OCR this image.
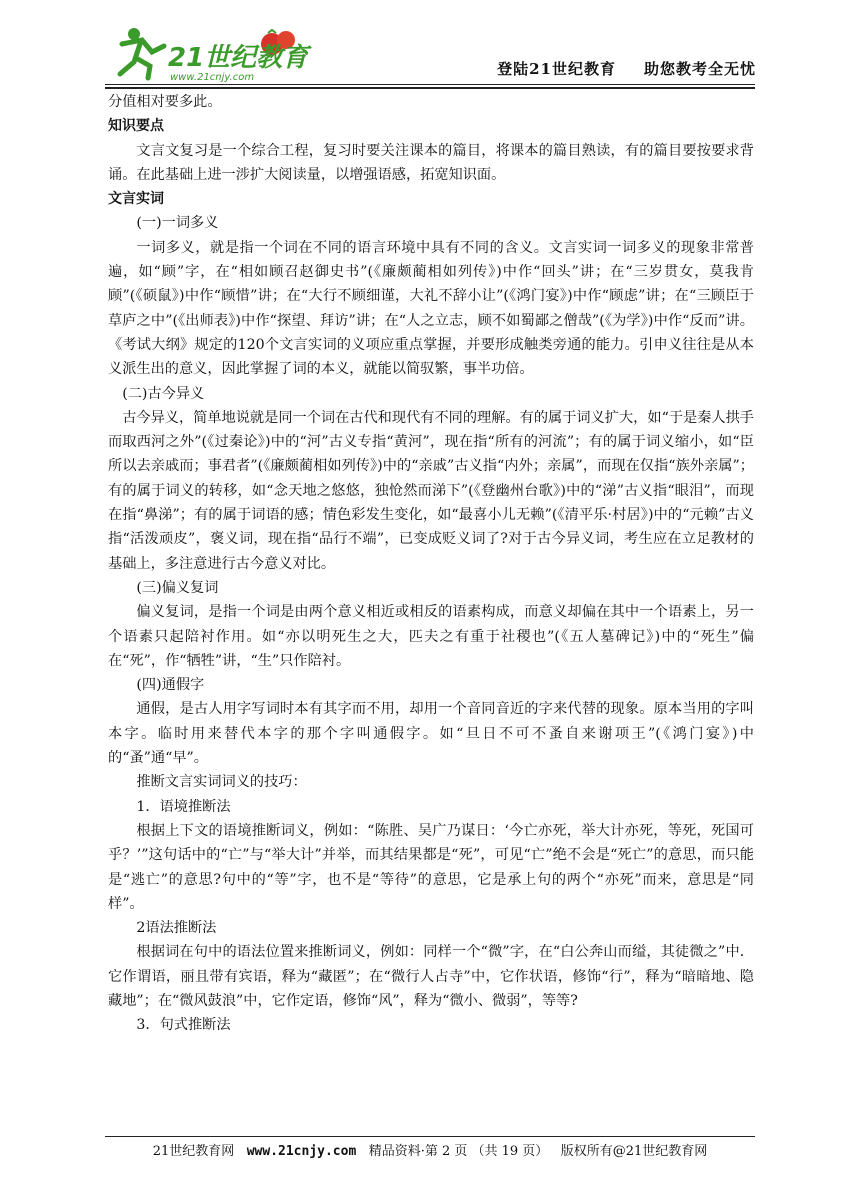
21世纪教育
www.21cnjy.com	登陆21世纪教育 助您教考全无忧

分值相对要多此。

知识要点

文言文复习是一个综合工程，复习时要关注课本的篇目，将课本的篇目熟读，有的篇目要按要求背诵。在此基础上进一涉扩大阅读量，以增强语感，拓宽知识面。

文言实词

(一)一词多义

一词多义，就是指一个词在不同的语言环境中具有不同的含义。文言实词一词多义的现象非常普遍，如“顾”字，在“相如顾召赵御史书”(《廉颇蔺相如列传》)中作“回头”讲；在“三岁贯女，莫我肯顾”(《硕鼠》)中作“顾惜”讲；在“大行不顾细谨，大礼不辞小让”(《鸿门宴》)中作“顾虑”讲；在“三顾臣于草庐之中”(《出师表》)中作“探望、拜访”讲；在“人之立志，顾不如蜀鄙之僧哉”(《为学》)中作“反而”讲。《考试大纲》规定的120个文言实词的义项应重点掌握，并要形成触类旁通的能力。引申义往往是从本义派生出的意义，因此掌握了词的本义，就能以简驭繁，事半功倍。

(二)古今异义

古今异义，简单地说就是同一个词在古代和现代有不同的理解。有的属于词义扩大，如“于是秦人拱手而取西河之外”(《过秦论》)中的“河”古义专指“黄河”，现在指“所有的河流”；有的属于词义缩小，如“臣所以去亲戚而；事君者”(《廉颇蔺相如列传》)中的“亲戚”古义指“内外；亲属”，而现在仅指“族外亲属”；有的属于词义的转移，如“念天地之悠悠，独怆然而涕下”(《登幽州台歌》)中的“涕”古义指“眼泪”，而现在指“鼻涕”；有的属于词语的感；情色彩发生变化，如“最喜小儿无赖”(《清平乐·村居》)中的“元赖”古义指“活泼顽皮”，褒义词，现在指“品行不端”，已变成贬义词了?对于古今异义词，考生应在立足教材的基础上，多注意进行古今意义对比。

(三)偏义复词

偏义复词，是指一个词是由两个意义相近或相反的语素构成，而意义却偏在其中一个语素上，另一个语素只起陪衬作用。如“亦以明死生之大，匹夫之有重于社稷也”(《五人墓碑记》)中的“死生”偏在“死”，作“牺牲”讲，“生”只作陪衬。

(四)通假字

通假，是古人用字写词时本有其字而不用，却用一个音同音近的字来代替的现象。原本当用的字叫本字。临时用来替代本字的那个字叫通假字。如“旦日不可不蚤自来谢项王”(《鸿门宴》)中的“蚤”通“早”。

推断文言实词词义的技巧：

1．语境推断法

根据上下文的语境推断词义，例如：“陈胜、吴广乃谋日：‘今亡亦死，举大计亦死，等死，死国可乎？’”这句话中的“亡”与“举大计”并举，而其结果都是“死”，可见“亡”绝不会是“死亡”的意思，而只能是“逃亡”的意思?句中的“等”字，也不是“等待”的意思，它是承上句的两个“亦死”而来，意思是“同样”。

2语法推断法

根据词在句中的语法位置来推断词义，例如：同样一个“微”字，在“白公奔山而缢，其徒微之”中．它作谓语，丽且带有宾语，释为“藏匿”；在“微行人占寺”中，它作状语，修饰“行”，释为“暗暗地、隐藏地”；在“微风鼓浪”中，它作定语，修饰“风”，释为“微小、微弱”，等等?

3．句式推断法

21世纪教育网 www.21cnjy.com 精品资料·第 2 页 （共 19 页） 版权所有@21世纪教育网
